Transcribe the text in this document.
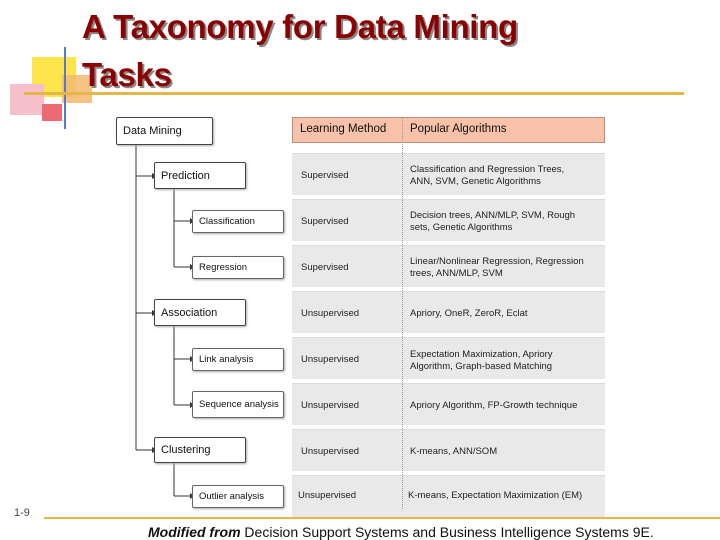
A Taxonomy for Data Mining
Tasks
Learning Method Popular Algorithms
Supervised
Supervised
Supervised
Unsupervised
Unsupervised
Unsupervised
Unsupervised
Unsupervised
Classification and Regression Trees,
ANN, SVM, Genetic Algorithms
Decision trees, ANN/MLP, SVM, Rough
sets, Genetic Algorithms
Linear/Nonlinear Regression, Regression
trees, ANN/MLP, SVM
Apriory, OneR, ZeroR, Eclat
Expectation Maximization, Apriory
Algorithm, Graph-based Matching
Apriory Algorithm, FP-Growth technique
K-means, ANN/SOM
K-means, Expectation Maximization (EM)
Data Mining
Prediction
Classification
Regression
Association
Link analysis
Sequence analysis
Clustering
Outlier analysis
1-9
Modified from Decision Support Systems and Business Intelligence Systems 9E.
